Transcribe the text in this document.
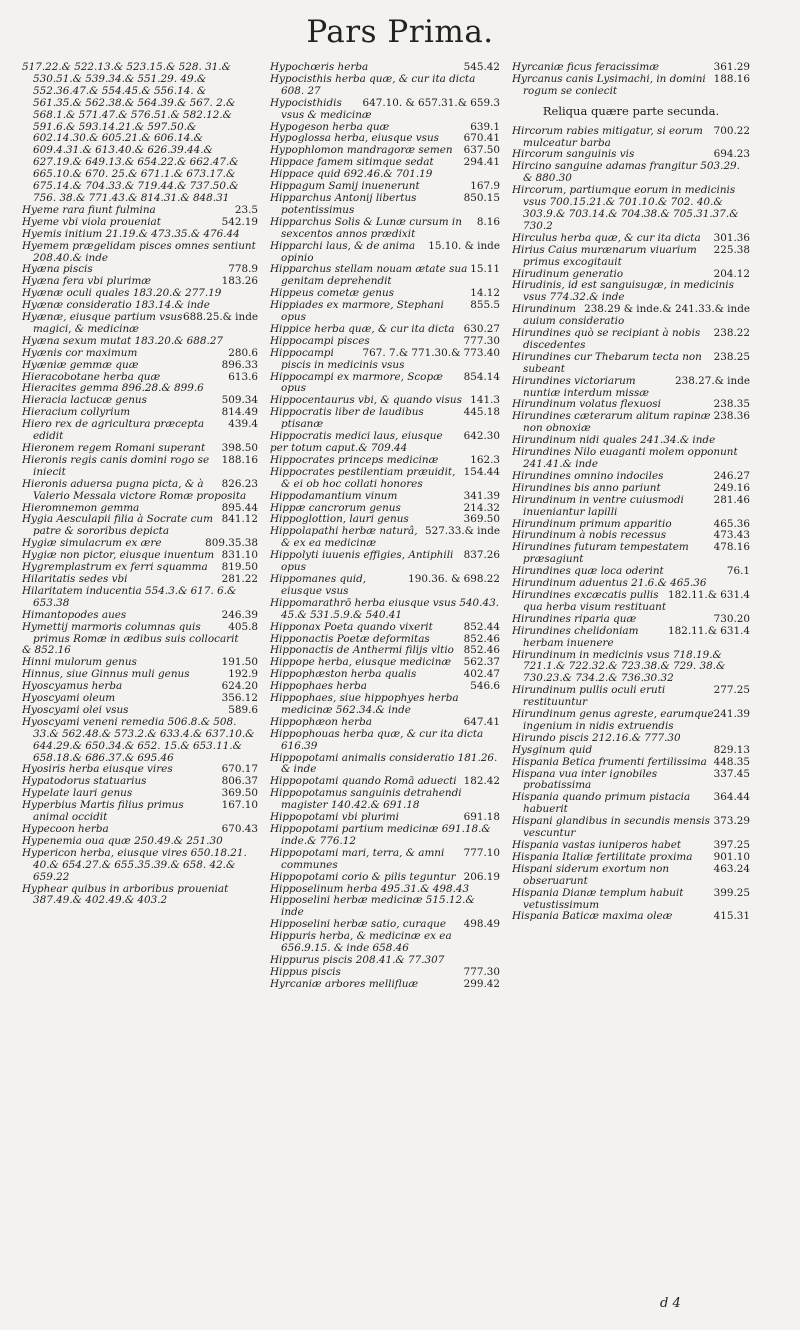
Pars Prima.
517.22.& 522.13.& 523.15.& 528. 31.& 530.51.& 539.34.& 551.29. 49.& 552.36.47.& 554.45.& 556.14. & 561.35.& 562.38.& 564.39.& 567. 2.& 568.1.& 571.47.& 576.51.& 582.12.& 591.6.& 593.14.21.& 597.50.& 602.14.30.& 605.21.& 606.14.& 609.4.31.& 613.40.& 626.39.44.& 627.19.& 649.13.& 654.22.& 662.47.& 665.10.& 670. 25.& 671.1.& 673.17.& 675.14.& 704.33.& 719.44.& 737.50.& 756. 38.& 771.43.& 814.31.& 848.31
23.5
Hyeme rara fiunt fulmina
542.19
Hyeme vbi viola proueniat
Hyemis initium 21.19.& 473.35.& 476.44
Hyemem prægelidam pisces omnes sentiunt 208.40.& inde
778.9
Hyæna piscis
183.26
Hyæna fera vbi plurimæ
Hyænæ oculi quales 183.20.& 277.19
Hyænæ consideratio 183.14.& inde
688.25.& inde
Hyænæ, eiusque partium vsus magici, & medicinæ
Hyæna sexum mutat 183.20.& 688.27
280.6
Hyænis cor maximum
896.33
Hyæniæ gemmæ quæ
613.6
Hieracobotane herba quæ
Hieracites gemma 896.28.& 899.6
509.34
Hieracia lactucæ genus
814.49
Hieracium collyrium
439.4
Hiero rex de agricultura præcepta edidit
398.50
Hieronem regem Romani superant
188.16
Hieronis regis canis domini rogo se iniecit
826.23
Hieronis aduersa pugna picta, & à Valerio Messala victore Romæ proposita
895.44
Hieromnemon gemma
841.12
Hygia Aesculapii filia à Socrate cum patre & sororibus depicta
809.35.38
Hygiæ simulacrum ex ære
831.10
Hygiæ non pictor, eiusque inuentum
819.50
Hygremplastrum ex ferri squamma
281.22
Hilaritatis sedes vbi
Hilaritatem inducentia 554.3.& 617. 6.& 653.38
246.39
Himantopodes aues
405.8
Hymettij marmoris columnas quis primus Romæ in ædibus suis collocarit
& 852.16
191.50
Hinni mulorum genus
192.9
Hinnus, siue Ginnus muli genus
624.20
Hyoscyamus herba
356.12
Hyoscyami oleum
589.6
Hyoscyami olei vsus
Hyoscyami veneni remedia 506.8.& 508. 33.& 562.48.& 573.2.& 633.4.& 637.10.& 644.29.& 650.34.& 652. 15.& 653.11.& 658.18.& 686.37.& 695.46
670.17
Hyosiris herba eiusque vires
806.37
Hypatodorus statuarius
369.50
Hypelate lauri genus
167.10
Hyperbius Martis filius primus animal occidit
670.43
Hypecoon herba
Hypenemia oua quæ 250.49.& 251.30
Hypericon herba, eiusque vires 650.18.21. 40.& 654.27.& 655.35.39.& 658. 42.& 659.22
Hyphear quibus in arboribus proueniat 387.49.& 402.49.& 403.2
545.42
Hypochœris herba
Hypocisthis herba quæ, & cur ita dicta 608. 27
647.10. & 657.31.& 659.3
Hypocisthidis vsus & medicinæ
639.1
Hypogeson herba quæ
670.41
Hypoglossa herba, eiusque vsus
637.50
Hypophlomon mandragoræ semen
294.41
Hippace famem sitimque sedat
Hippace quid 692.46.& 701.19
167.9
Hippagum Samij inuenerunt
850.15
Hipparchus Antonij libertus potentissimus
8.16
Hipparchus Solis & Lunæ cursum in sexcentos annos prædixit
15.10. & inde
Hipparchi laus, & de anima opinio
15.11
Hipparchus stellam nouam ætate sua genitam deprehendit
14.12
Hippeus cometæ genus
855.5
Hippiades ex marmore, Stephani opus
630.27
Hippice herba quæ, & cur ita dicta
777.30
Hippocampi pisces
767. 7.& 771.30.& 773.40
Hippocampi piscis in medicinis vsus
854.14
Hippocampi ex marmore, Scopæ opus
141.3
Hippocentaurus vbi, & quando visus
445.18
Hippocratis liber de laudibus ptisanæ
642.30
Hippocratis medici laus, eiusque
per totum caput.& 709.44
162.3
Hippocrates princeps medicinæ
154.44
Hippocrates pestilentiam præuidit, & ei ob hoc collati honores
341.39
Hippodamantium vinum
214.32
Hippæ cancrorum genus
369.50
Hippoglottion, lauri genus
527.33.& inde
Hippolapathi herbæ naturâ, & ex ea medicinæ
837.26
Hippolyti iuuenis effigies, Antiphili opus
190.36. & 698.22
Hippomanes quid, eiusque vsus
Hippomarathrō herba eiusque vsus 540.43. 45.& 531.5.9.& 540.41
852.44
Hipponax Poeta quando vixerit
852.46
Hipponactis Poetæ deformitas
852.46
Hipponactis de Anthermi filijs vltio
562.37
Hippope herba, eiusque medicinæ
402.47
Hippophæston herba qualis
546.6
Hippophaes herba
Hippophaes, siue hippophyes herba medicinæ 562.34.& inde
647.41
Hippophæon herba
Hippophouas herba quæ, & cur ita dicta 616.39
Hippopotami animalis consideratio 181.26. & inde
182.42
Hippopotami quando Romā aduecti
Hippopotamus sanguinis detrahendi magister 140.42.& 691.18
691.18
Hippopotami vbi plurimi
Hippopotami partium medicinæ 691.18.& inde.& 776.12
777.10
Hippopotami mari, terra, & amni communes
206.19
Hippopotami corio & pilis teguntur
Hipposelinum herba 495.31.& 498.43
Hipposelini herbæ medicinæ 515.12.& inde
498.49
Hipposelini herbæ satio, curaque
Hippuris herba, & medicinæ ex ea 656.9.15. & inde 658.46
Hippurus piscis 208.41.& 77.307
777.30
Hippus piscis
299.42
Hyrcaniæ arbores mellifluæ
361.29
Hyrcaniæ ficus feracissimæ
188.16
Hyrcanus canis Lysimachi, in domini rogum se coniecit
Reliqua quære parte secunda.
700.22
Hircorum rabies mitigatur, si eorum mulceatur barba
694.23
Hircorum sanguinis vis
Hircino sanguine adamas frangitur 503.29. & 880.30
Hircorum, partiumque eorum in medicinis vsus 700.15.21.& 701.10.& 702. 40.& 303.9.& 703.14.& 704.38.& 705.31.37.& 730.2
301.36
Hirculus herba quæ, & cur ita dicta
225.38
Hirius Caius murænarum viuarium primus excogitauit
204.12
Hirudinum generatio
Hirudinis, id est sanguisugæ, in medicinis vsus 774.32.& inde
238.29 & inde.& 241.33.& inde
Hirundinum auium consideratio
238.22
Hirundines quò se recipiant à nobis discedentes
238.25
Hirundines cur Thebarum tecta non subeant
238.27.& inde
Hirundines victoriarum nuntiæ interdum missæ
238.35
Hirundinum volatus flexuosi
238.36
Hirundines cæterarum alitum rapinæ non obnoxiæ
Hirundinum nidi quales 241.34.& inde
Hirundines Nilo euaganti molem opponunt 241.41.& inde
246.27
Hirundines omnino indociles
249.16
Hirundines bis anno pariunt
281.46
Hirundinum in ventre cuiusmodi inueniantur lapilli
465.36
Hirundinum primum apparitio
473.43
Hirundinum à nobis recessus
478.16
Hirundines futuram tempestatem præsagiunt
76.1
Hirundines quæ loca oderint
Hirundinum aduentus 21.6.& 465.36
182.11.& 631.4
Hirundines excæcatis pullis qua herba visum restituant
730.20
Hirundines riparia quæ
182.11.& 631.4
Hirundines chelidoniam herbam inuenere
Hirundinum in medicinis vsus 718.19.& 721.1.& 722.32.& 723.38.& 729. 38.& 730.23.& 734.2.& 736.30.32
277.25
Hirundinum pullis oculi eruti restituuntur
241.39
Hirundinum genus agreste, earumque ingenium in nidis extruendis
Hirundo piscis 212.16.& 777.30
829.13
Hysginum quid
448.35
Hispania Betica frumenti fertilissima
337.45
Hispana vua inter ignobiles probatissima
364.44
Hispania quando primum pistacia habuerit
373.29
Hispani glandibus in secundis mensis vescuntur
397.25
Hispania vastas iuniperos habet
901.10
Hispania Italiæ fertilitate proxima
463.24
Hispani siderum exortum non obseruarunt
399.25
Hispania Dianæ templum habuit vetustissimum
415.31
Hispania Baticæ maxima oleæ
d 4
